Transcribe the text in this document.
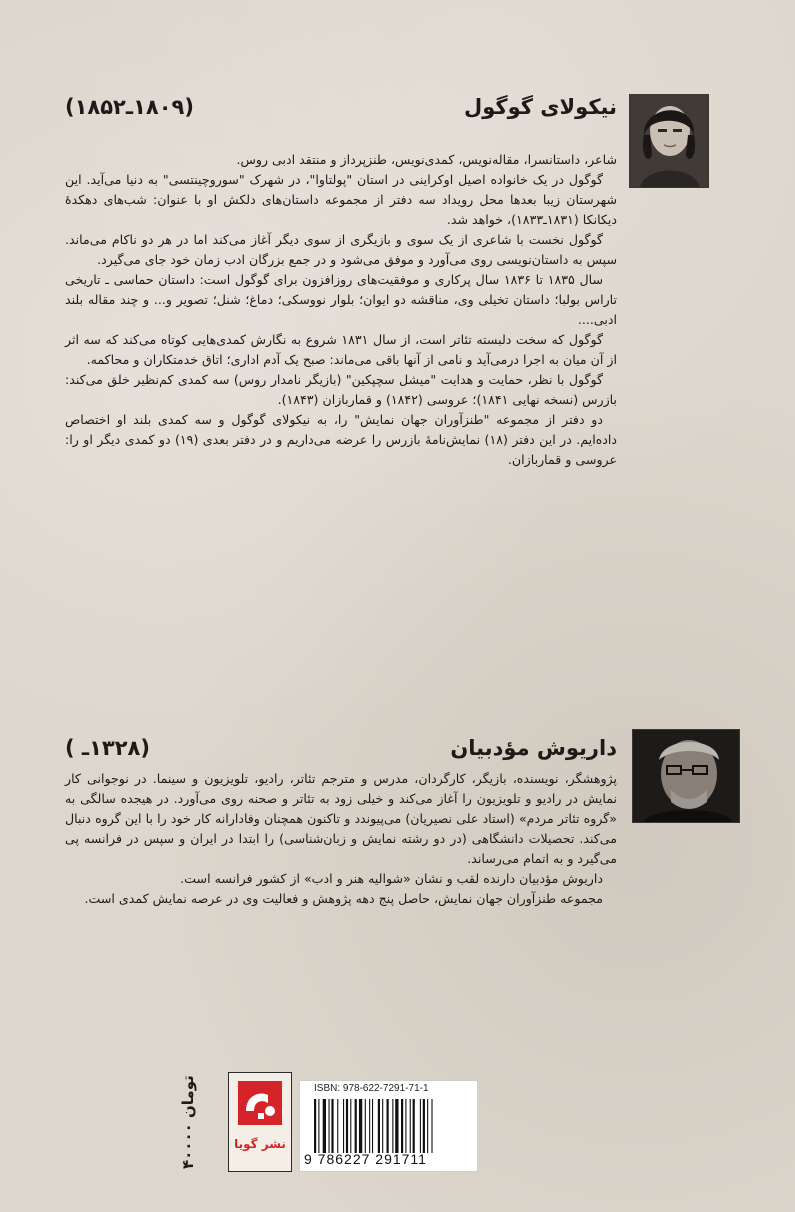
نیکولای گوگول
(۱۸۰۹ـ۱۸۵۲)

شاعر، داستانسرا، مقاله‌نویس، کمدی‌نویس، طنزپرداز و منتقد ادبی روس.

گوگول در یک خانواده اصیل اوکراینی در استان "پولتاوا"، در شهرک "سوروچینتسی" به دنیا می‌آید. این شهرستان زیبا بعدها محل رویداد سه دفتر از مجموعه داستان‌های دلکش او با عنوان: شب‌های دهکدهٔ دیکانکا (۱۸۳۱ـ۱۸۳۳)، خواهد شد.

گوگول نخست با شاعری از یک سوی و بازیگری از سوی دیگر آغاز می‌کند اما در هر دو ناکام می‌ماند. سپس به داستان‌نویسی روی می‌آورد و موفق می‌شود و در جمع بزرگان ادب زمان خود جای می‌گیرد.

سال ۱۸۳۵ تا ۱۸۳۶ سال پرکاری و موفقیت‌های روزافزون برای گوگول است: داستان حماسی ـ تاریخی تاراس بولبا؛ داستان تخیلی وی، مناقشه دو ایوان؛ بلوار نووسکی؛ دماغ؛ شنل؛ تصویر و... و چند مقاله بلند ادبی....

گوگول که سخت دلبسته تئاتر است، از سال ۱۸۳۱ شروع به نگارش کمدی‌هایی کوتاه می‌کند که سه اثر از آن میان به اجرا درمی‌آید و نامی از آنها باقی می‌ماند: صبح یک آدم اداری؛ اتاق خدمتکاران و محاکمه.

گوگول با نظر، حمایت و هدایت "میشل سچپکین" (بازیگر نامدار روس) سه کمدی کم‌نظیر خلق می‌کند: بازرس (نسخه نهایی ۱۸۴۱)؛ عروسی (۱۸۴۲) و قماربازان (۱۸۴۳).

دو دفتر از مجموعه "طنزآوران جهان نمایش" را، به نیکولای گوگول و سه کمدی بلند او اختصاص داده‌ایم. در این دفتر (۱۸) نمایش‌نامهٔ بازرس را عرضه می‌داریم و در دفتر بعدی (۱۹) دو کمدی دیگر او را: عروسی و قماربازان.

داریوش مؤدبیان
(۱۳۲۸ـ )

پژوهشگر، نویسنده، بازیگر، کارگردان، مدرس و مترجم تئاتر، رادیو، تلویزیون و سینما. در نوجوانی کار نمایش در رادیو و تلویزیون را آغاز می‌کند و خیلی زود به تئاتر و صحنه روی می‌آورد. در هیجده سالگی به «گروه تئاتر مردم» (استاد علی نصیریان) می‌پیوندد و تاکنون همچنان وفادارانه کار خود را با این گروه دنبال می‌کند. تحصیلات دانشگاهی (در دو رشته نمایش و زبان‌شناسی) را ابتدا در ایران و سپس در فرانسه پی می‌گیرد و به اتمام می‌رساند.

داریوش مؤدبیان دارنده لقب و نشان «شوالیه هنر و ادب» از کشور فرانسه است.

مجموعه طنزآوران جهان نمایش، حاصل پنج دهه پژوهش و فعالیت وی در عرصه نمایش کمدی است.

۴۰۰۰۰ تومان
نشر گویا
ISBN: 978-622-7291-71-1
9 786227 291711
